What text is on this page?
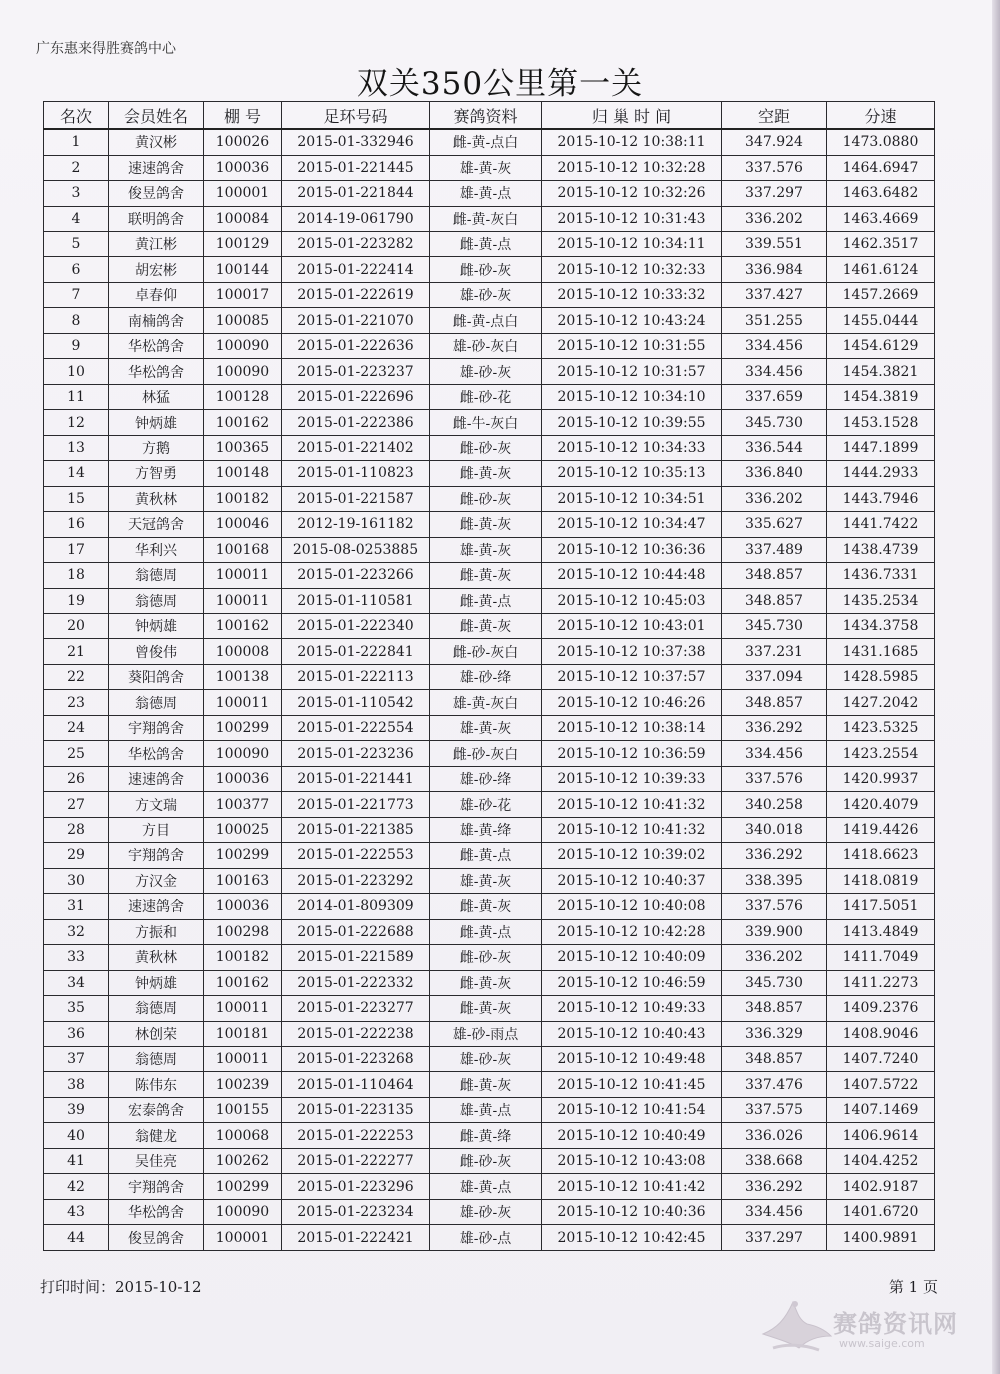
广东惠来得胜赛鸽中心
双关350公里第一关
名次	会员姓名	棚 号	足环号码	赛鸽资料	归 巢 时 间	空距	分速
1	黄汉彬	100026	2015-01-332946	雌-黄-点白	2015-10-12 10:38:11	347.924	1473.0880
2	速速鸽舍	100036	2015-01-221445	雄-黄-灰	2015-10-12 10:32:28	337.576	1464.6947
3	俊昱鸽舍	100001	2015-01-221844	雄-黄-点	2015-10-12 10:32:26	337.297	1463.6482
4	联明鸽舍	100084	2014-19-061790	雌-黄-灰白	2015-10-12 10:31:43	336.202	1463.4669
5	黄江彬	100129	2015-01-223282	雌-黄-点	2015-10-12 10:34:11	339.551	1462.3517
6	胡宏彬	100144	2015-01-222414	雌-砂-灰	2015-10-12 10:32:33	336.984	1461.6124
7	卓春仰	100017	2015-01-222619	雄-砂-灰	2015-10-12 10:33:32	337.427	1457.2669
8	南楠鸽舍	100085	2015-01-221070	雌-黄-点白	2015-10-12 10:43:24	351.255	1455.0444
9	华松鸽舍	100090	2015-01-222636	雄-砂-灰白	2015-10-12 10:31:55	334.456	1454.6129
10	华松鸽舍	100090	2015-01-223237	雄-砂-灰	2015-10-12 10:31:57	334.456	1454.3821
11	林猛	100128	2015-01-222696	雌-砂-花	2015-10-12 10:34:10	337.659	1454.3819
12	钟炳雄	100162	2015-01-222386	雌-牛-灰白	2015-10-12 10:39:55	345.730	1453.1528
13	方鹅	100365	2015-01-221402	雌-砂-灰	2015-10-12 10:34:33	336.544	1447.1899
14	方智勇	100148	2015-01-110823	雌-黄-灰	2015-10-12 10:35:13	336.840	1444.2933
15	黄秋林	100182	2015-01-221587	雌-砂-灰	2015-10-12 10:34:51	336.202	1443.7946
16	天冠鸽舍	100046	2012-19-161182	雌-黄-灰	2015-10-12 10:34:47	335.627	1441.7422
17	华利兴	100168	2015-08-0253885	雄-黄-灰	2015-10-12 10:36:36	337.489	1438.4739
18	翁德周	100011	2015-01-223266	雌-黄-灰	2015-10-12 10:44:48	348.857	1436.7331
19	翁德周	100011	2015-01-110581	雌-黄-点	2015-10-12 10:45:03	348.857	1435.2534
20	钟炳雄	100162	2015-01-222340	雌-黄-灰	2015-10-12 10:43:01	345.730	1434.3758
21	曾俊伟	100008	2015-01-222841	雌-砂-灰白	2015-10-12 10:37:38	337.231	1431.1685
22	葵阳鸽舍	100138	2015-01-222113	雄-砂-绛	2015-10-12 10:37:57	337.094	1428.5985
23	翁德周	100011	2015-01-110542	雄-黄-灰白	2015-10-12 10:46:26	348.857	1427.2042
24	宇翔鸽舍	100299	2015-01-222554	雄-黄-灰	2015-10-12 10:38:14	336.292	1423.5325
25	华松鸽舍	100090	2015-01-223236	雌-砂-灰白	2015-10-12 10:36:59	334.456	1423.2554
26	速速鸽舍	100036	2015-01-221441	雄-砂-绛	2015-10-12 10:39:33	337.576	1420.9937
27	方文瑞	100377	2015-01-221773	雄-砂-花	2015-10-12 10:41:32	340.258	1420.4079
28	方目	100025	2015-01-221385	雄-黄-绛	2015-10-12 10:41:32	340.018	1419.4426
29	宇翔鸽舍	100299	2015-01-222553	雌-黄-点	2015-10-12 10:39:02	336.292	1418.6623
30	方汉金	100163	2015-01-223292	雄-黄-灰	2015-10-12 10:40:37	338.395	1418.0819
31	速速鸽舍	100036	2014-01-809309	雌-黄-灰	2015-10-12 10:40:08	337.576	1417.5051
32	方振和	100298	2015-01-222688	雌-黄-点	2015-10-12 10:42:28	339.900	1413.4849
33	黄秋林	100182	2015-01-221589	雌-砂-灰	2015-10-12 10:40:09	336.202	1411.7049
34	钟炳雄	100162	2015-01-222332	雌-黄-灰	2015-10-12 10:46:59	345.730	1411.2273
35	翁德周	100011	2015-01-223277	雌-黄-灰	2015-10-12 10:49:33	348.857	1409.2376
36	林创荣	100181	2015-01-222238	雄-砂-雨点	2015-10-12 10:40:43	336.329	1408.9046
37	翁德周	100011	2015-01-223268	雄-砂-灰	2015-10-12 10:49:48	348.857	1407.7240
38	陈伟东	100239	2015-01-110464	雌-黄-灰	2015-10-12 10:41:45	337.476	1407.5722
39	宏泰鸽舍	100155	2015-01-223135	雄-黄-点	2015-10-12 10:41:54	337.575	1407.1469
40	翁健龙	100068	2015-01-222253	雌-黄-绛	2015-10-12 10:40:49	336.026	1406.9614
41	吴佳亮	100262	2015-01-222277	雌-砂-灰	2015-10-12 10:43:08	338.668	1404.4252
42	宇翔鸽舍	100299	2015-01-223296	雄-黄-点	2015-10-12 10:41:42	336.292	1402.9187
43	华松鸽舍	100090	2015-01-223234	雄-砂-灰	2015-10-12 10:40:36	334.456	1401.6720
44	俊昱鸽舍	100001	2015-01-222421	雄-砂-点	2015-10-12 10:42:45	337.297	1400.9891
打印时间：2015-10-12	第 1 页
赛鸽资讯网
www.saige.com
